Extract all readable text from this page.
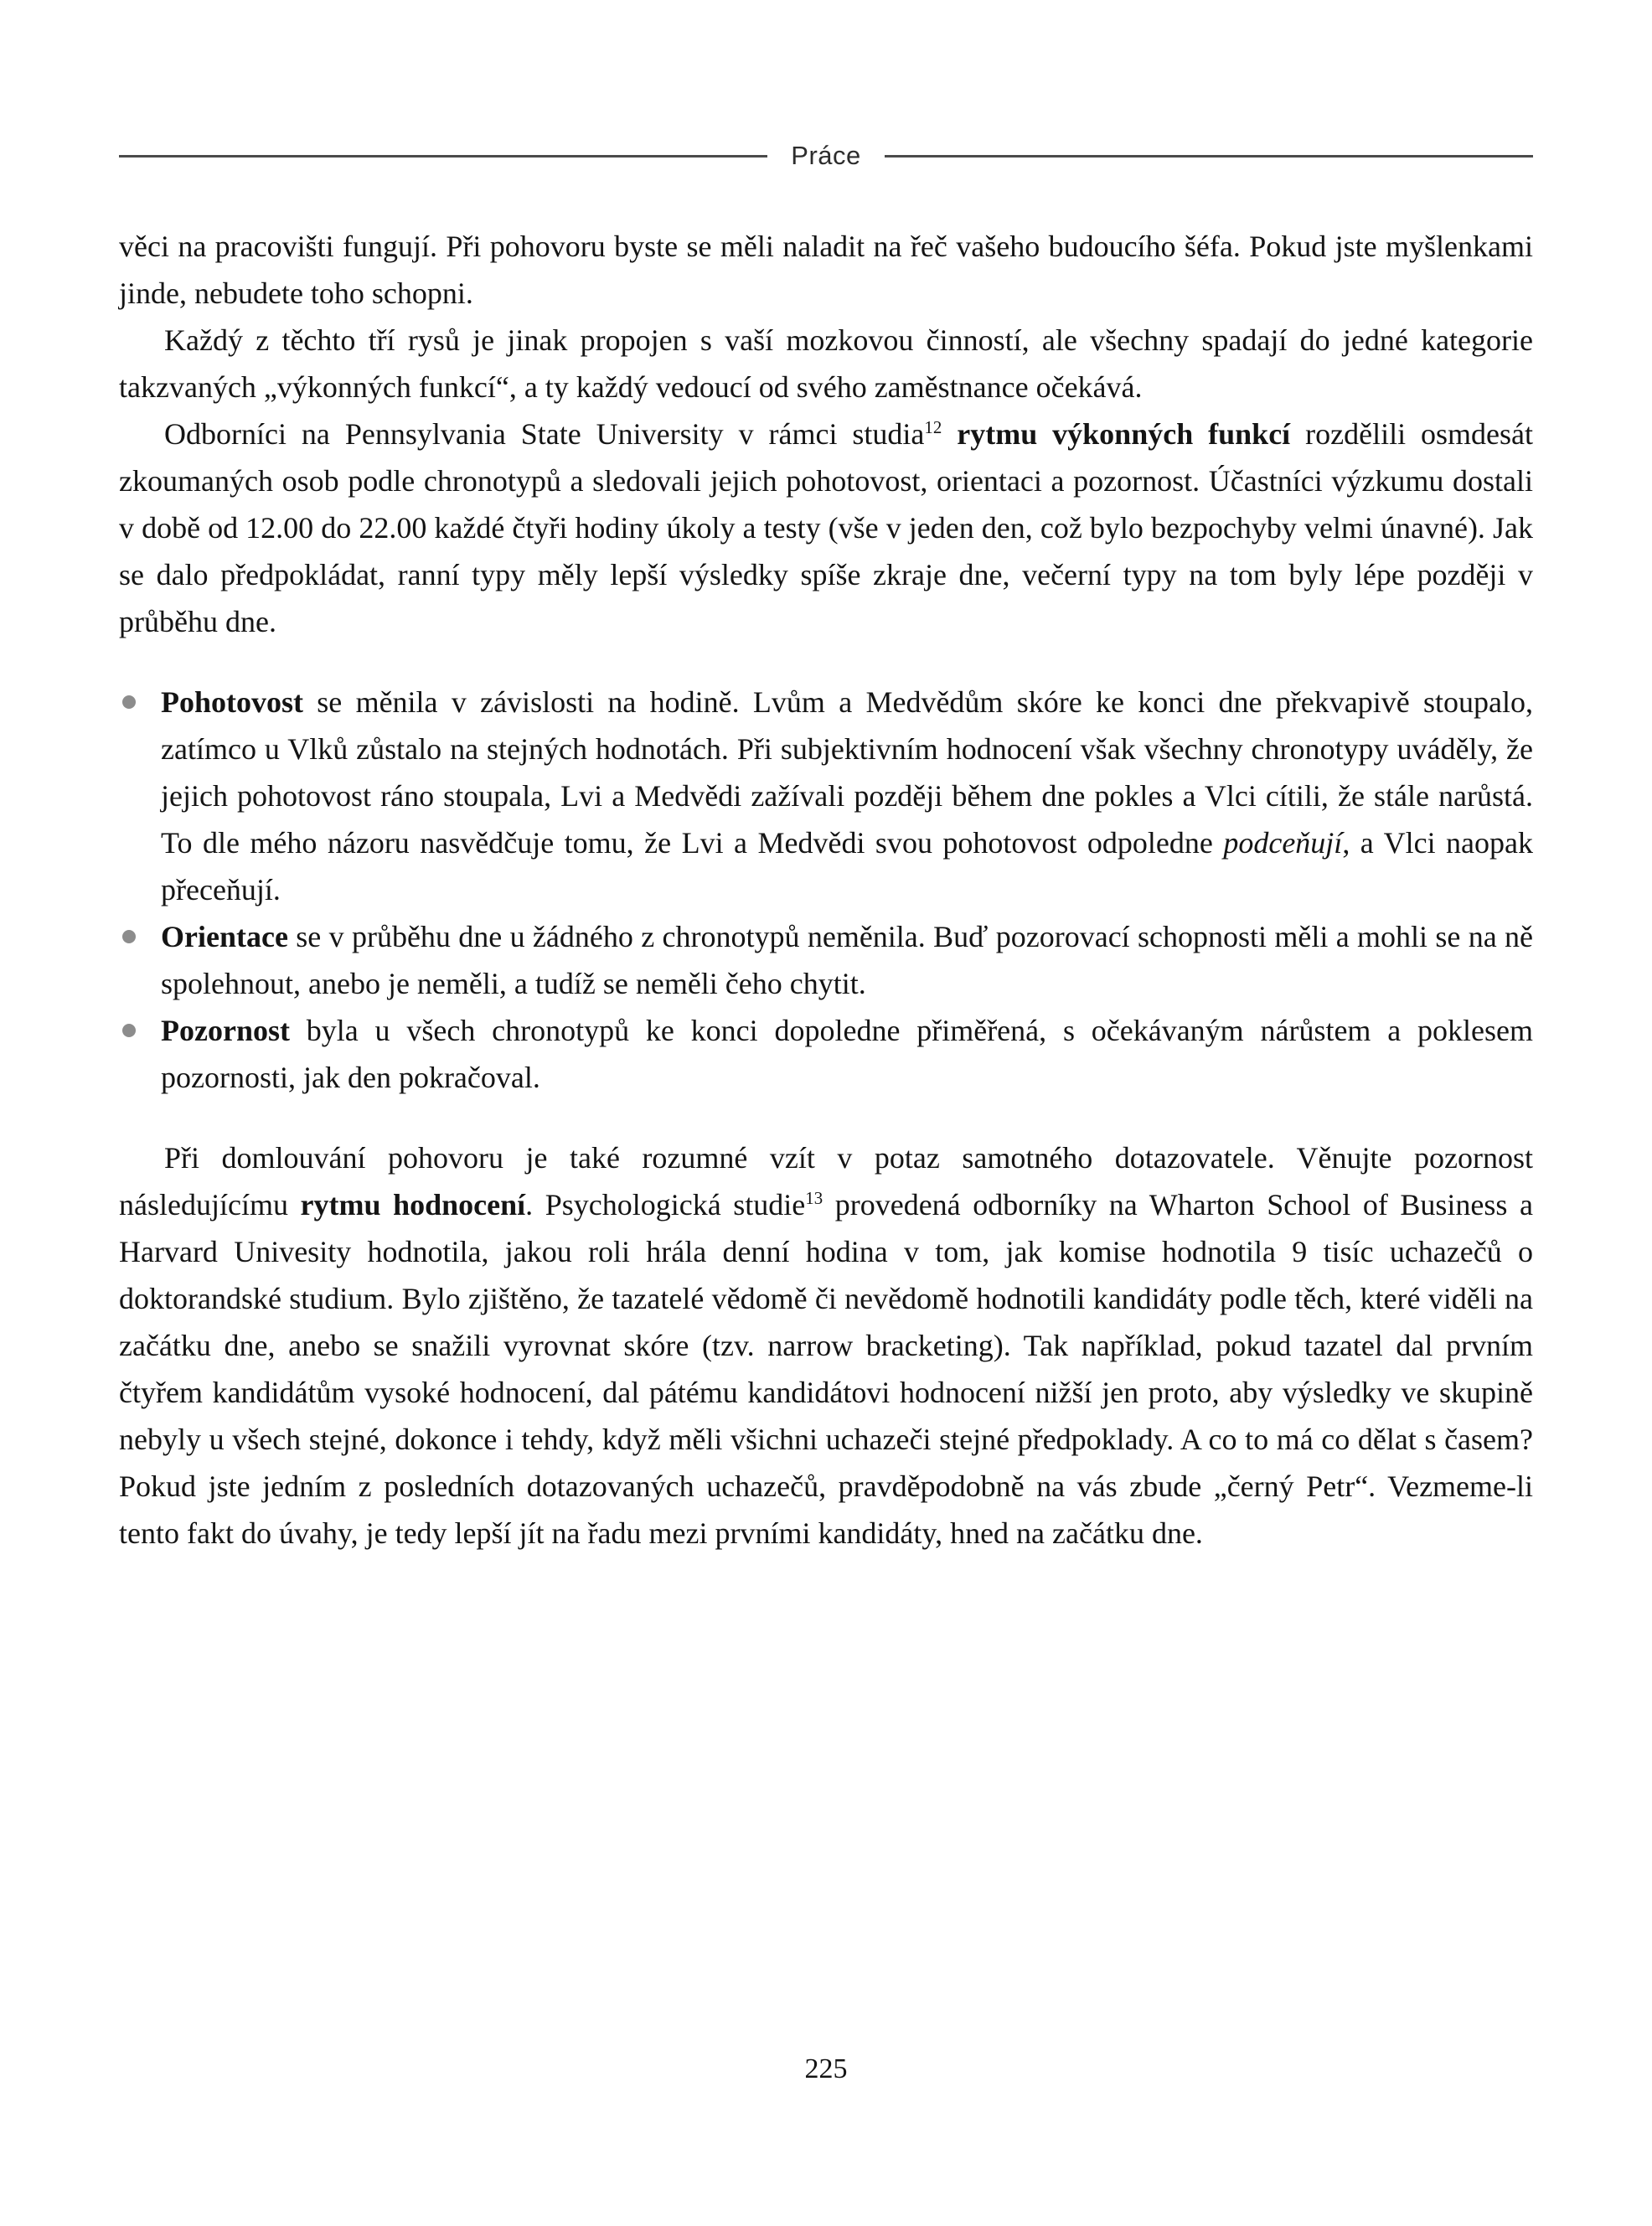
Práce
věci na pracovišti fungují. Při pohovoru byste se měli naladit na řeč vašeho budoucího šéfa. Pokud jste myšlenkami jinde, nebudete toho schopni.
Každý z těchto tří rysů je jinak propojen s vaší mozkovou činností, ale všechny spadají do jedné kategorie takzvaných „výkonných funkcí“, a ty každý vedoucí od svého zaměstnance očekává.
Odborníci na Pennsylvania State University v rámci studia$^{12}$ rytmu výkonných funkcí rozdělili osmdesát zkoumaných osob podle chronotypů a sledovali jejich pohotovost, orientaci a pozornost. Účastníci výzkumu dostali v době od 12.00 do 22.00 každé čtyři hodiny úkoly a testy (vše v jeden den, což bylo bezpochyby velmi únavné). Jak se dalo předpokládat, ranní typy měly lepší výsledky spíše zkraje dne, večerní typy na tom byly lépe později v průběhu dne.
Pohotovost se měnila v závislosti na hodině. Lvům a Medvědům skóre ke konci dne překvapivě stoupalo, zatímco u Vlků zůstalo na stejných hodnotách. Při subjektivním hodnocení však všechny chronotypy uváděly, že jejich pohotovost ráno stoupala, Lvi a Medvědi zažívali později během dne pokles a Vlci cítili, že stále narůstá. To dle mého názoru nasvědčuje tomu, že Lvi a Medvědi svou pohotovost odpoledne podceňují, a Vlci naopak přeceňují.
Orientace se v průběhu dne u žádného z chronotypů neměnila. Buď pozorovací schopnosti měli a mohli se na ně spolehnout, anebo je neměli, a tudíž se neměli čeho chytit.
Pozornost byla u všech chronotypů ke konci dopoledne přiměřená, s očekávaným nárůstem a poklesem pozornosti, jak den pokračoval.
Při domlouvání pohovoru je také rozumné vzít v potaz samotného dotazovatele. Věnujte pozornost následujícímu rytmu hodnocení. Psychologická studie$^{13}$ provedená odborníky na Wharton School of Business a Harvard Univesity hodnotila, jakou roli hrála denní hodina v tom, jak komise hodnotila 9 tisíc uchazečů o doktorandské studium. Bylo zjištěno, že tazatelé vědomě či nevědomě hodnotili kandidáty podle těch, které viděli na začátku dne, anebo se snažili vyrovnat skóre (tzv. narrow bracketing). Tak například, pokud tazatel dal prvním čtyřem kandidátům vysoké hodnocení, dal pátému kandidátovi hodnocení nižší jen proto, aby výsledky ve skupině nebyly u všech stejné, dokonce i tehdy, když měli všichni uchazeči stejné předpoklady. A co to má co dělat s časem? Pokud jste jedním z posledních dotazovaných uchazečů, pravděpodobně na vás zbude „černý Petr“. Vezmeme-li tento fakt do úvahy, je tedy lepší jít na řadu mezi prvními kandidáty, hned na začátku dne.
225
